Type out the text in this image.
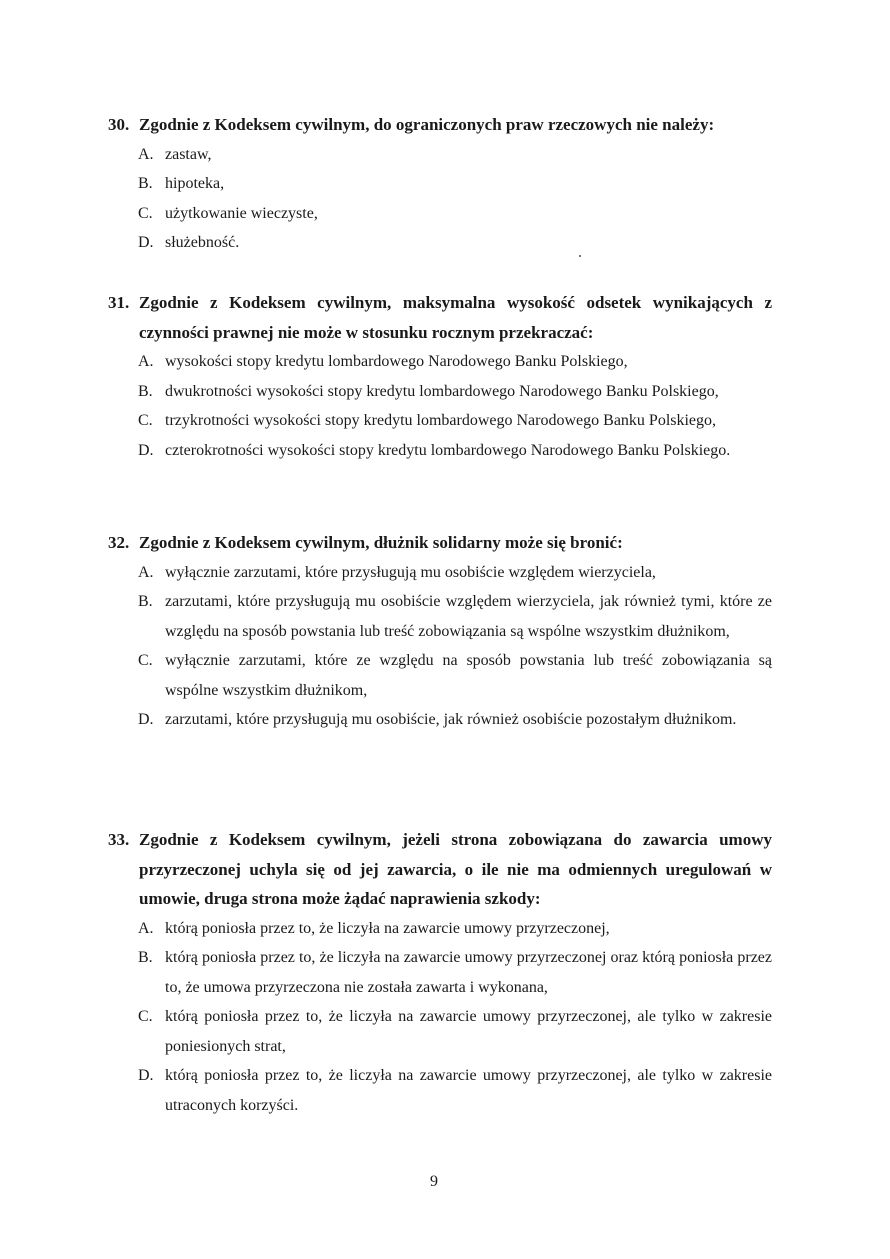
30. Zgodnie z Kodeksem cywilnym, do ograniczonych praw rzeczowych nie należy:
A. zastaw,
B. hipoteka,
C. użytkowanie wieczyste,
D. służebność.
31. Zgodnie z Kodeksem cywilnym, maksymalna wysokość odsetek wynikających z czynności prawnej nie może w stosunku rocznym przekraczać:
A. wysokości stopy kredytu lombardowego Narodowego Banku Polskiego,
B. dwukrotności wysokości stopy kredytu lombardowego Narodowego Banku Polskiego,
C. trzykrotności wysokości stopy kredytu lombardowego Narodowego Banku Polskiego,
D. czterokrotności wysokości stopy kredytu lombardowego Narodowego Banku Polskiego.
32. Zgodnie z Kodeksem cywilnym, dłużnik solidarny może się bronić:
A. wyłącznie zarzutami, które przysługują mu osobiście względem wierzyciela,
B. zarzutami, które przysługują mu osobiście względem wierzyciela, jak również tymi, które ze względu na sposób powstania lub treść zobowiązania są wspólne wszystkim dłużnikom,
C. wyłącznie zarzutami, które ze względu na sposób powstania lub treść zobowiązania są wspólne wszystkim dłużnikom,
D. zarzutami, które przysługują mu osobiście, jak również osobiście pozostałym dłużnikom.
33. Zgodnie z Kodeksem cywilnym, jeżeli strona zobowiązana do zawarcia umowy przyrzeczonej uchyla się od jej zawarcia, o ile nie ma odmiennych uregulowań w umowie, druga strona może żądać naprawienia szkody:
A. którą poniosła przez to, że liczyła na zawarcie umowy przyrzeczonej,
B. którą poniosła przez to, że liczyła na zawarcie umowy przyrzeczonej oraz którą poniosła przez to, że umowa przyrzeczona nie została zawarta i wykonana,
C. którą poniosła przez to, że liczyła na zawarcie umowy przyrzeczonej, ale tylko w zakresie poniesionych strat,
D. którą poniosła przez to, że liczyła na zawarcie umowy przyrzeczonej, ale tylko w zakresie utraconych korzyści.
9
